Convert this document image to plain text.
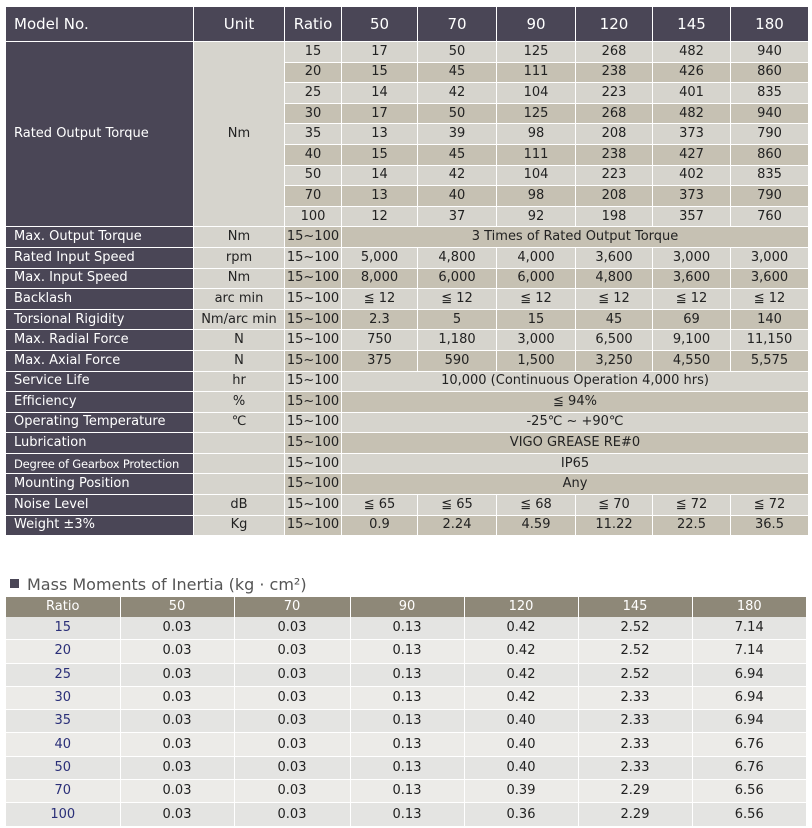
Model No.	Unit	Ratio	50	70	90	120	145	180
Rated Output Torque	Nm	15	17	50	125	268	482	940
		20	15	45	111	238	426	860
		25	14	42	104	223	401	835
		30	17	50	125	268	482	940
		35	13	39	98	208	373	790
		40	15	45	111	238	427	860
		50	14	42	104	223	402	835
		70	13	40	98	208	373	790
		100	12	37	92	198	357	760
Max. Output Torque	Nm	15~100	3 Times of Rated Output Torque					
Rated Input Speed	rpm	15~100	5,000	4,800	4,000	3,600	3,000	3,000
Max. Input Speed	Nm	15~100	8,000	6,000	6,000	4,800	3,600	3,600
Backlash	arc min	15~100	≦ 12	≦ 12	≦ 12	≦ 12	≦ 12	≦ 12
Torsional Rigidity	Nm/arc min	15~100	2.3	5	15	45	69	140
Max. Radial Force	N	15~100	750	1,180	3,000	6,500	9,100	11,150
Max. Axial Force	N	15~100	375	590	1,500	3,250	4,550	5,575
Service Life	hr	15~100	10,000 (Continuous Operation 4,000 hrs)					
Efficiency	%	15~100	≦ 94%					
Operating Temperature	℃	15~100	-25℃ ~ +90℃					
Lubrication		15~100	VIGO GREASE RE#0					
Degree of Gearbox Protection		15~100	IP65					
Mounting Position		15~100	Any					
Noise Level	dB	15~100	≦ 65	≦ 65	≦ 68	≦ 70	≦ 72	≦ 72
Weight ±3%	Kg	15~100	0.9	2.24	4.59	11.22	22.5	36.5
Mass Moments of Inertia (kg · cm²)
Ratio	50	70	90	120	145	180
15	0.03	0.03	0.13	0.42	2.52	7.14
20	0.03	0.03	0.13	0.42	2.52	7.14
25	0.03	0.03	0.13	0.42	2.52	6.94
30	0.03	0.03	0.13	0.42	2.33	6.94
35	0.03	0.03	0.13	0.40	2.33	6.94
40	0.03	0.03	0.13	0.40	2.33	6.76
50	0.03	0.03	0.13	0.40	2.33	6.76
70	0.03	0.03	0.13	0.39	2.29	6.56
100	0.03	0.03	0.13	0.36	2.29	6.56
